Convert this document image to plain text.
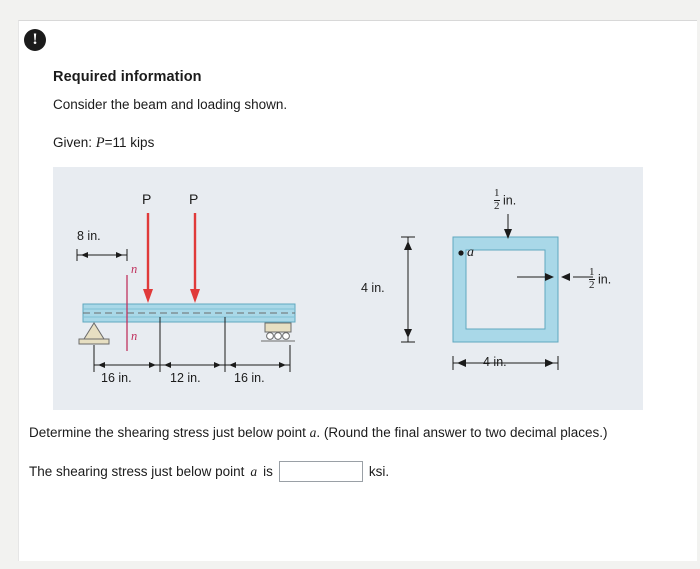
!
Required information
Consider the beam and loading shown.
Given: P=11 kips
P	P
8 in.
n
n
16 in.	12 in.	16 in.
$\frac{1}{2}$ in.
$\frac{1}{2}$ in.
4 in.
4 in.
a
Determine the shearing stress just below point a. (Round the final answer to two decimal places.)
The shearing stress just below point a is	ksi.
